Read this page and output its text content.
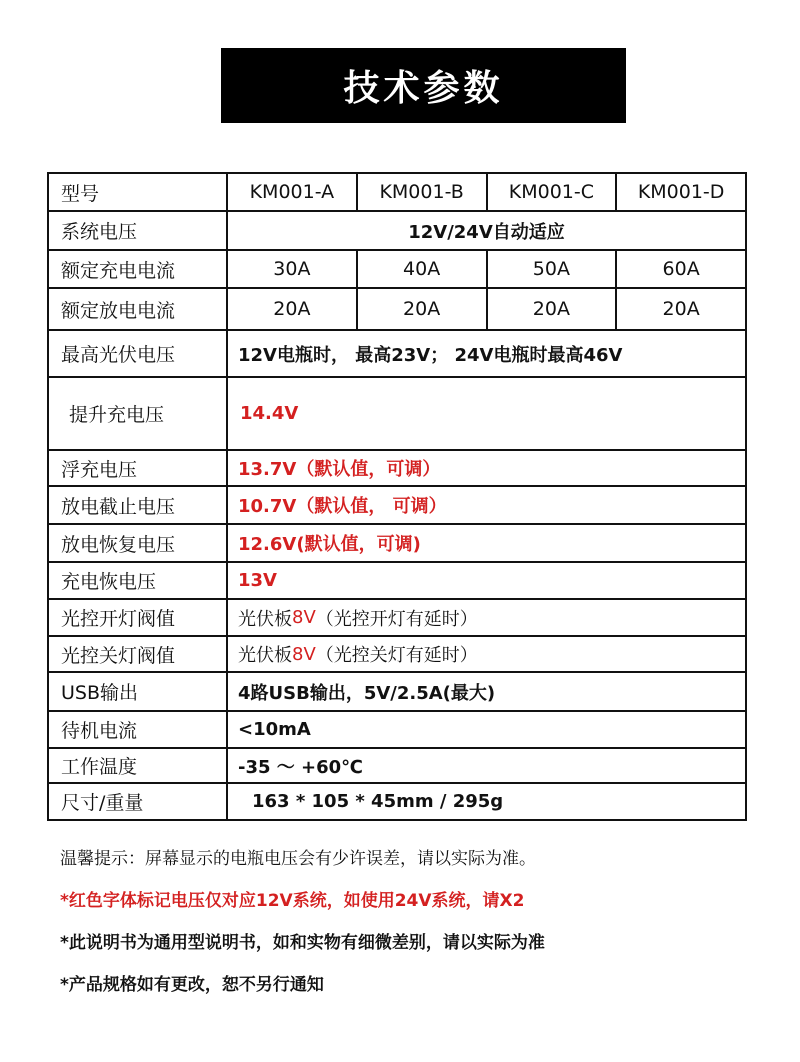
技术参数
型号	KM001-A	KM001-B	KM001-C	KM001-D
系统电压	12V/24V自动适应
额定充电电流	30A	40A	50A	60A
额定放电电流	20A	20A	20A	20A
最高光伏电压	12V电瓶时， 最高23V； 24V电瓶时最高46V
提升充电压	14.4V
浮充电压	13.7V（默认值，可调）
放电截止电压	10.7V（默认值， 可调）
放电恢复电压	12.6V(默认值，可调)
充电恢电压	13V
光控开灯阀值	光伏板 8V （光控开灯有延时）
光控关灯阀值	光伏板 8V （光控关灯有延时）
USB输出	4路USB输出，5V/2.5A(最大)
待机电流	<10mA
工作温度	-35 ～ +60℃
尺寸/重量	163 * 105 * 45mm / 295g
温馨提示：屏幕显示的电瓶电压会有少许误差，请以实际为准。
*红色字体标记电压仅对应12V系统，如使用24V系统，请X2
*此说明书为通用型说明书，如和实物有细微差别，请以实际为准
*产品规格如有更改，恕不另行通知
